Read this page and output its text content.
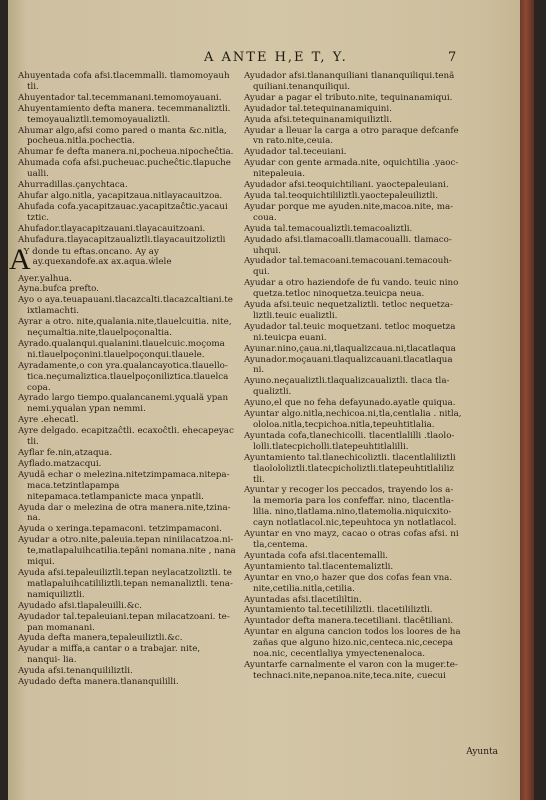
A ANTE H,E T, Y.	7
Ahuyentada cofa afsi.tlacemmalli. tlamomoyauh tli.
Ahuyentador tal.tecemmanani.temomoyauani.
Ahuyentamiento defta manera. tecemmanaliztli. temoyaualiztli.temomoyaualiztli.
Ahumar algo,afsi como pared o manta &c.nitla, pocheua.nitla.pochectia.
Ahumar fe defta manera.ni,pocheua.nipocheĉtia.
Ahumada cofa afsi.pucheuac.pucheĉtic.tlapuche ualli.
Ahurradillas.çanychtaca.
Ahufar algo.nitla, yacapitzaua.nitlayacauitzoa.
Ahufada cofa.yacapitzauac.yacapitzaĉtic.yacaui tztic.
Ahufador.tlayacapitzauani.tlayacauitzoani.
Ahufadura.tlayacapitzaualiztli.tlayacauitzoliztli
A
Y donde tu eftas.oncano. Ay ay ay.quexandofe.ax ax.aqua.ẃlele
Ayer.yalhua.
Ayna.bufca prefto.
Ayo o aya.teuapauani.tlacazcalti.tlacazcaltiani.te ixtlamachti.
Ayrar a otro. nite,qualania.nite,tlauelcuitia. nite, neçumaltia.nite,tlauelpoçonaltia.
Ayrado.qualanqui.qualanini.tlauelcuic.moçoma ni.tlauelpoçonini.tlauelpoçonqui.tlauele.
Ayradamente,o con yra.qualancayotica.tlauello- tica.neçumaliztica.tlauelpoçoniliztica.tlauelca copa.
Ayrado largo tiempo.qualancanemi.yqualã ypan nemi.yqualan ypan nemmi.
Ayre .ehecatl.
Ayre delgado. ecapitzaĉtli. ecaxoĉtli. ehecapeyac tli.
Ayflar fe.nin,atzaqua.
Ayflado.matzacqui.
Ayudã echar o melezina.nitetzimpamaca.nitepa- maca.tetzintlapampa nitepamaca.tetlampanicte maca ynpatli.
Ayuda dar o melezina de otra manera.nite,tzina- na.
Ayuda o xeringa.tepamaconi. tetzimpamaconi.
Ayudar a otro.nite,paleuia.tepan niniilacatzoa.ni- te,matlapaluihcatilia.tepãni nomana.nite , nana miqui.
Ayuda afsi.tepaleuiliztli.tepan neylacatzoliztli. te matlapaluihcatililiztli.tepan nemanaliztli. tena- namiquiliztli.
Ayudado afsi.tlapaleuilli.&c.
Ayudador tal.tepaleuiani.tepan milacatzoani. te- pan momanani.
Ayuda defta manera,tepaleuiliztli.&c.
Ayudar a miffa,a cantar o a trabajar. nite, nanqui- lia.
Ayuda afsi.tenanquililiztli.
Ayudado defta manera.tlananquililli.
Ayudador afsi.tlananquiliani tlananquiliqui.tenã quiliani.tenanquiliqui.
Ayudar a pagar el tributo.nite, tequinanamiqui.
Ayudador tal.tetequinanamiquini.
Ayuda afsi.tetequinanamiquiliztli.
Ayudar a lleuar la carga a otro paraque defcanfe vn rato.nite,ceuia.
Ayudador tal.teceuiani.
Ayudar con gente armada.nite, oquichtilia .yaoc- nitepaleuia.
Ayudador afsi.teoquichtiliani. yaoctepaleuiani.
Ayuda tal.teoquichtililiztli.yaoctepaleuiliztli.
Ayudar porque me ayuden.nite,macoa.nite, ma- coua.
Ayuda tal.temacoualiztli.temacoaliztli.
Ayudado afsi.tlamacoalli.tlamacoualli. tlamaco- uhqui.
Ayudador tal.temacoani.temacouani.temacouh- qui.
Ayudar a otro haziendofe de fu vando. teuic nino quetza.tetloc ninoquetza.teuicpa neua.
Ayuda afsi.teuic nequetzaliztli. tetloc nequetza- liztli.teuic eualiztli.
Ayudador tal.teuic moquetzani. tetloc moquetza ni.teuicpa euani.
Ayunar.nino,çaua.ni,tlaqualizcaua.ni,tlacatlaqua
Ayunador.moçauani.tlaqualizcauani.tlacatlaqua ni.
Ayuno.neçaualiztli.tlaqualizcaualiztli. tlaca tla- qualiztli.
Ayuno,el que no feha defayunado.ayatle quiqua.
Ayuntar algo.nitla,nechicoa.ni,tla,centlalia . nitla, ololoa.nitla,tecpichoa.nitla,tepeuhtitlalia.
Ayuntada cofa,tlanechicolli. tlacentlalilli .tlaolo- lolli.tlatecpicholli.tlatepeuhtitlalilli.
Ayuntamiento tal.tlanechicoliztli. tlacentlaliliztli tlaolololiztli.tlatecpicholiztli.tlatepeuhtitlaliliz tli.
Ayuntar y recoger los peccados, trayendo los a- la memoria para los confeffar. nino, tlacentla- lilia. nino,tlatlama.nino,tlatemolia.niquicxito- cayn notlatlacol.nic,tepeuhtoca yn notlatlacol.
Ayuntar en vno mayz, cacao o otras cofas afsi. ni tla,centema.
Ayuntada cofa afsi.tlacentemalli.
Ayuntamiento tal.tlacentemaliztli.
Ayuntar en vno,o hazer que dos cofas fean vna. nite,cetilia.nitla,cetilia.
Ayuntadas afsi.tlacetililtin.
Ayuntamiento tal.tecetililiztli. tlacetililiztli.
Ayuntador defta manera.tecetiliani. tlacẽtiliani.
Ayuntar en alguna cancion todos los loores de ha zañas que alguno hizo.nic,centeca.nic,cecepa noa.nic, cecentlaliya ymyectenenaloca.
Ayuntarfe carnalmente el varon con la muger.te- technaci.nite,nepanoa.nite,teca.nite, cuecui
Ayunta
